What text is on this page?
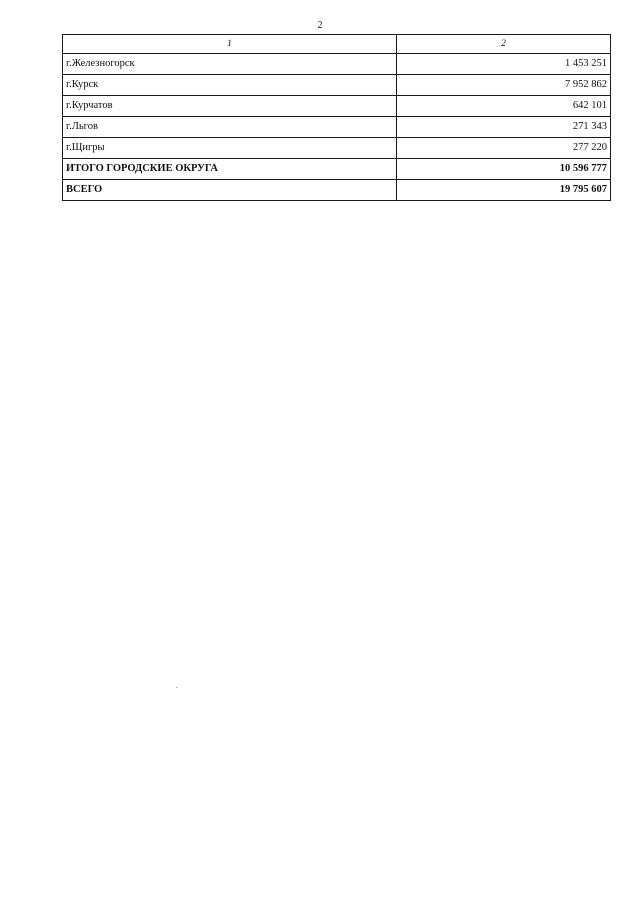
2
1	2
г.Железногорск	1 453 251
г.Курск	7 952 862
г.Курчатов	642 101
г.Льгов	271 343
г.Щигры	277 220
ИТОГО ГОРОДСКИЕ ОКРУГА	10 596 777
ВСЕГО	19 795 607
